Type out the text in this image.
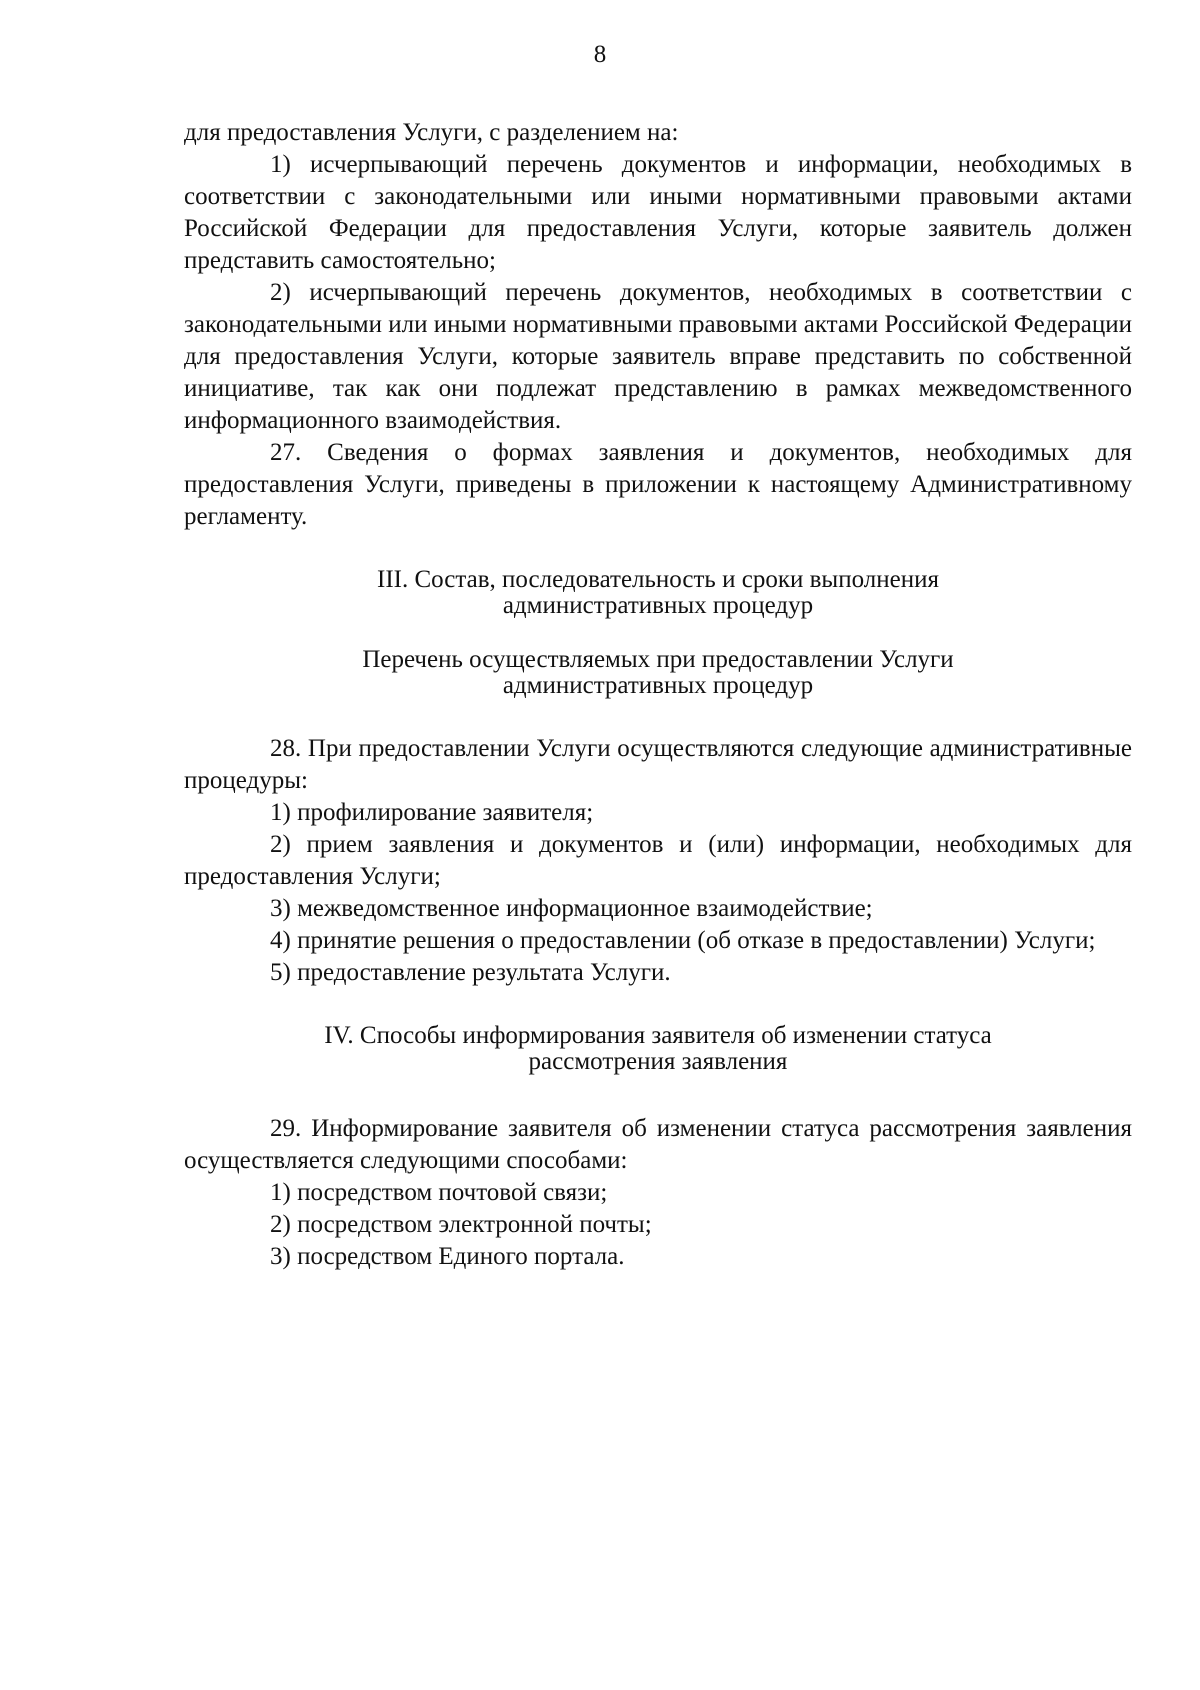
8

для предоставления Услуги, с разделением на:

1) исчерпывающий перечень документов и информации, необходимых в соответствии с законодательными или иными нормативными правовыми актами Российской Федерации для предоставления Услуги, которые заявитель должен представить самостоятельно;

2) исчерпывающий перечень документов, необходимых в соответствии с законодательными или иными нормативными правовыми актами Российской Федерации для предоставления Услуги, которые заявитель вправе представить по собственной инициативе, так как они подлежат представлению в рамках межведомственного информационного взаимодействия.

27. Сведения о формах заявления и документов, необходимых для предоставления Услуги, приведены в приложении к настоящему Административному регламенту.

III. Состав, последовательность и сроки выполнения
административных процедур
Перечень осуществляемых при предоставлении Услуги
административных процедур

28. При предоставлении Услуги осуществляются следующие административные процедуры:

1) профилирование заявителя;

2) прием заявления и документов и (или) информации, необходимых для предоставления Услуги;

3) межведомственное информационное взаимодействие;

4) принятие решения о предоставлении (об отказе в предоставлении) Услуги;

5) предоставление результата Услуги.

IV. Способы информирования заявителя об изменении статуса
рассмотрения заявления

29. Информирование заявителя об изменении статуса рассмотрения заявления осуществляется следующими способами:

1) посредством почтовой связи;

2) посредством электронной почты;

3) посредством Единого портала.
